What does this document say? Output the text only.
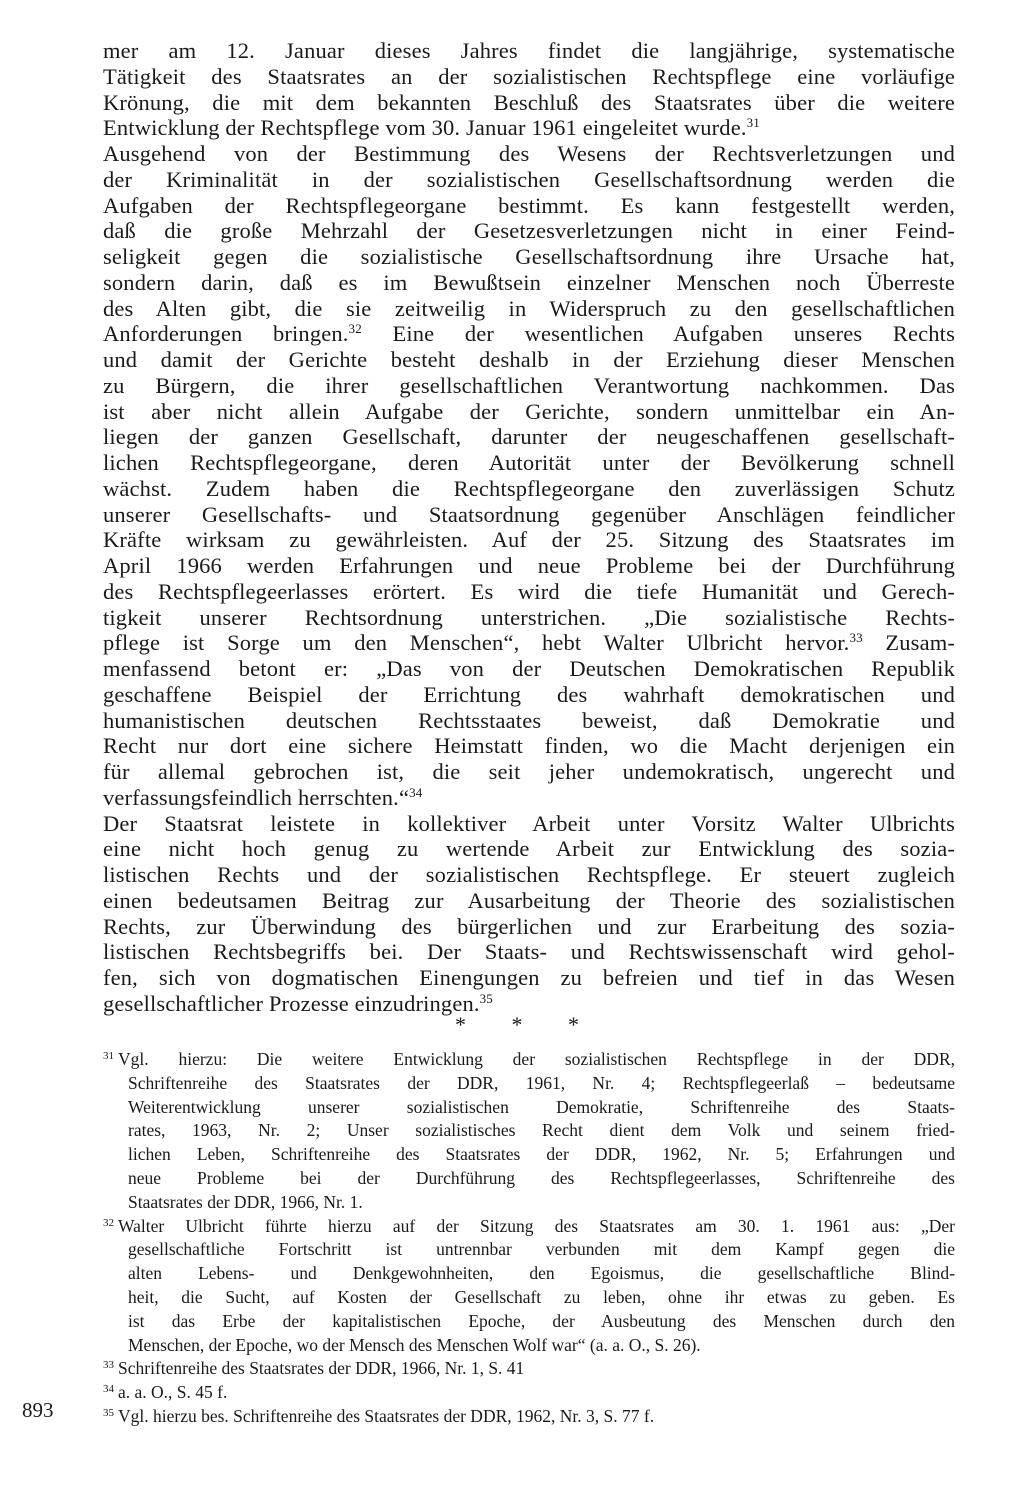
mer am 12. Januar dieses Jahres findet die langjährige, systematische
Tätigkeit des Staatsrates an der sozialistischen Rechtspflege eine vorläufige
Krönung, die mit dem bekannten Beschluß des Staatsrates über die weitere
Entwicklung der Rechtspflege vom 30. Januar 1961 eingeleitet wurde.$^{31}$
Ausgehend von der Bestimmung des Wesens der Rechtsverletzungen und
der Kriminalität in der sozialistischen Gesellschaftsordnung werden die
Aufgaben der Rechtspflegeorgane bestimmt. Es kann festgestellt werden,
daß die große Mehrzahl der Gesetzesverletzungen nicht in einer Feind-
seligkeit gegen die sozialistische Gesellschaftsordnung ihre Ursache hat,
sondern darin, daß es im Bewußtsein einzelner Menschen noch Überreste
des Alten gibt, die sie zeitweilig in Widerspruch zu den gesellschaftlichen
Anforderungen bringen.$^{32}$ Eine der wesentlichen Aufgaben unseres Rechts
und damit der Gerichte besteht deshalb in der Erziehung dieser Menschen
zu Bürgern, die ihrer gesellschaftlichen Verantwortung nachkommen. Das
ist aber nicht allein Aufgabe der Gerichte, sondern unmittelbar ein An-
liegen der ganzen Gesellschaft, darunter der neugeschaffenen gesellschaft-
lichen Rechtspflegeorgane, deren Autorität unter der Bevölkerung schnell
wächst. Zudem haben die Rechtspflegeorgane den zuverlässigen Schutz
unserer Gesellschafts- und Staatsordnung gegenüber Anschlägen feindlicher
Kräfte wirksam zu gewährleisten. Auf der 25. Sitzung des Staatsrates im
April 1966 werden Erfahrungen und neue Probleme bei der Durchführung
des Rechtspflegeerlasses erörtert. Es wird die tiefe Humanität und Gerech-
tigkeit unserer Rechtsordnung unterstrichen. „Die sozialistische Rechts-
pflege ist Sorge um den Menschen“, hebt Walter Ulbricht hervor.$^{33}$ Zusam-
menfassend betont er: „Das von der Deutschen Demokratischen Republik
geschaffene Beispiel der Errichtung des wahrhaft demokratischen und
humanistischen deutschen Rechtsstaates beweist, daß Demokratie und
Recht nur dort eine sichere Heimstatt finden, wo die Macht derjenigen ein
für allemal gebrochen ist, die seit jeher undemokratisch, ungerecht und
verfassungsfeindlich herrschten.“$^{34}$
Der Staatsrat leistete in kollektiver Arbeit unter Vorsitz Walter Ulbrichts
eine nicht hoch genug zu wertende Arbeit zur Entwicklung des sozia-
listischen Rechts und der sozialistischen Rechtspflege. Er steuert zugleich
einen bedeutsamen Beitrag zur Ausarbeitung der Theorie des sozialistischen
Rechts, zur Überwindung des bürgerlichen und zur Erarbeitung des sozia-
listischen Rechtsbegriffs bei. Der Staats- und Rechtswissenschaft wird gehol-
fen, sich von dogmatischen Einengungen zu befreien und tief in das Wesen
gesellschaftlicher Prozesse einzudringen.$^{35}$
* * *
$^{31}$ Vgl. hierzu: Die weitere Entwicklung der sozialistischen Rechtspflege in der DDR,
Schriftenreihe des Staatsrates der DDR, 1961, Nr. 4; Rechtspflegeerlaß – bedeutsame
Weiterentwicklung unserer sozialistischen Demokratie, Schriftenreihe des Staats-
rates, 1963, Nr. 2; Unser sozialistisches Recht dient dem Volk und seinem fried-
lichen Leben, Schriftenreihe des Staatsrates der DDR, 1962, Nr. 5; Erfahrungen und
neue Probleme bei der Durchführung des Rechtspflegeerlasses, Schriftenreihe des
Staatsrates der DDR, 1966, Nr. 1.
$^{32}$ Walter Ulbricht führte hierzu auf der Sitzung des Staatsrates am 30. 1. 1961 aus: „Der
gesellschaftliche Fortschritt ist untrennbar verbunden mit dem Kampf gegen die
alten Lebens- und Denkgewohnheiten, den Egoismus, die gesellschaftliche Blind-
heit, die Sucht, auf Kosten der Gesellschaft zu leben, ohne ihr etwas zu geben. Es
ist das Erbe der kapitalistischen Epoche, der Ausbeutung des Menschen durch den
Menschen, der Epoche, wo der Mensch des Menschen Wolf war“ (a. a. O., S. 26).
$^{33}$ Schriftenreihe des Staatsrates der DDR, 1966, Nr. 1, S. 41
$^{34}$ a. a. O., S. 45 f.
$^{35}$ Vgl. hierzu bes. Schriftenreihe des Staatsrates der DDR, 1962, Nr. 3, S. 77 f.
893
